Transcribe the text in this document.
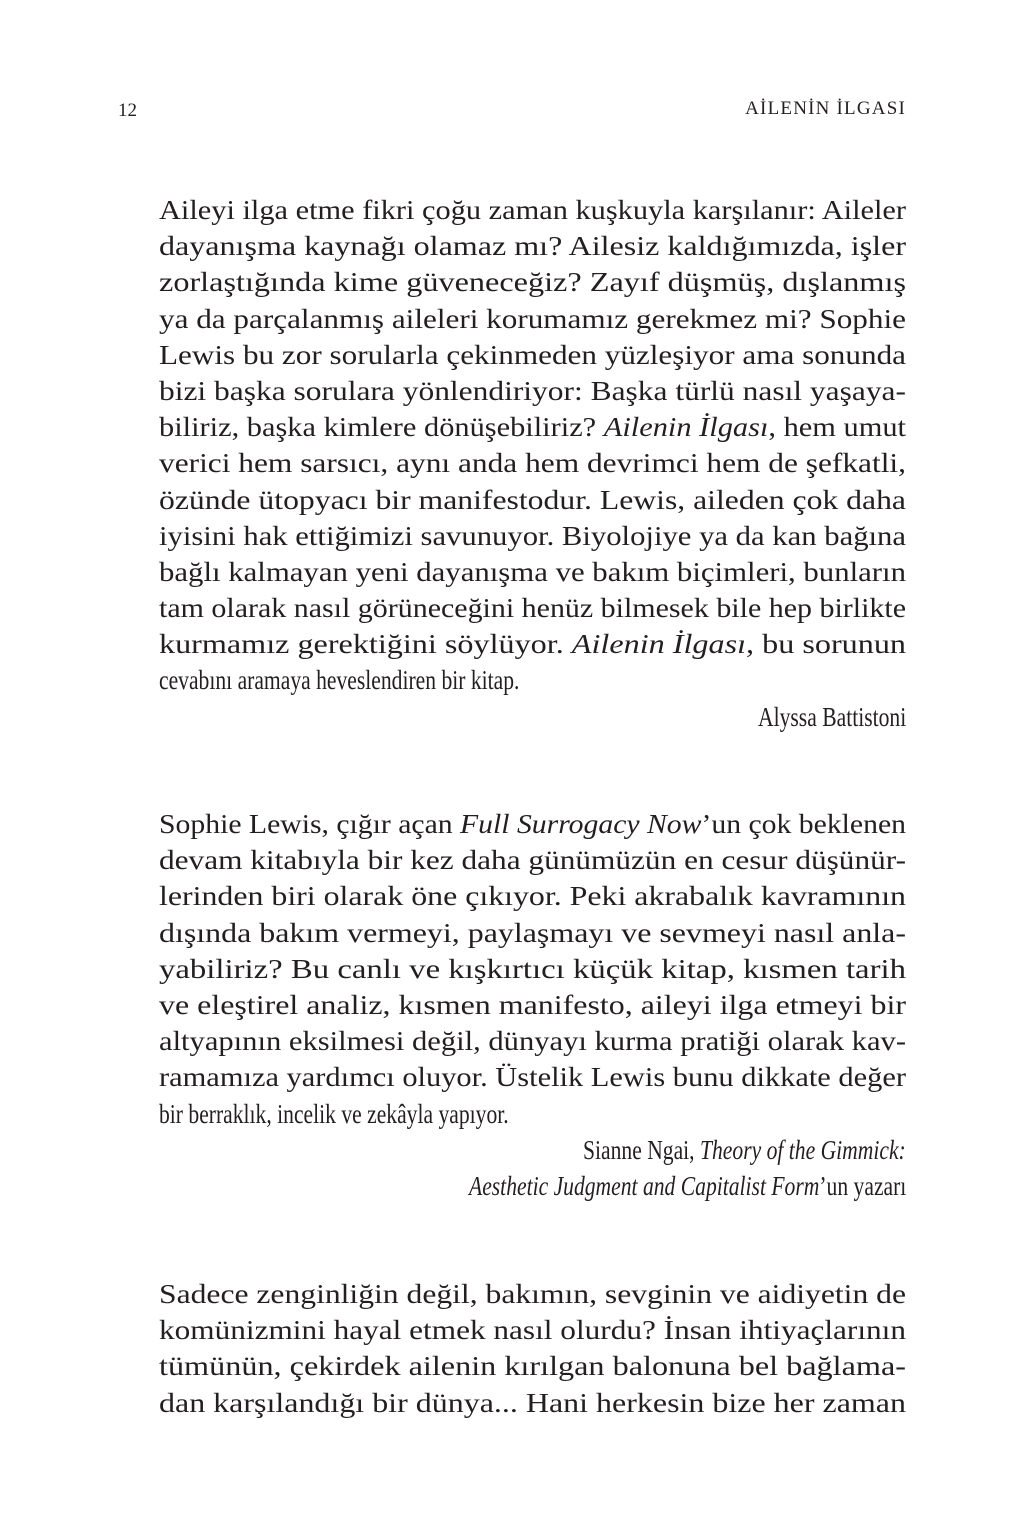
12	AİLENİN İLGASI
Aileyi ilga etme fikri çoğu zaman kuşkuyla karşılanır: Aileler
dayanışma kaynağı olamaz mı? Ailesiz kaldığımızda, işler
zorlaştığında kime güveneceğiz? Zayıf düşmüş, dışlanmış
ya da parçalanmış aileleri korumamız gerekmez mi? Sophie
Lewis bu zor sorularla çekinmeden yüzleşiyor ama sonunda
bizi başka sorulara yönlendiriyor: Başka türlü nasıl yaşaya-
biliriz, başka kimlere dönüşebiliriz? Ailenin İlgası, hem umut
verici hem sarsıcı, aynı anda hem devrimci hem de şefkatli,
özünde ütopyacı bir manifestodur. Lewis, aileden çok daha
iyisini hak ettiğimizi savunuyor. Biyolojiye ya da kan bağına
bağlı kalmayan yeni dayanışma ve bakım biçimleri, bunların
tam olarak nasıl görüneceğini henüz bilmesek bile hep birlikte
kurmamız gerektiğini söylüyor. Ailenin İlgası, bu sorunun
cevabını aramaya heveslendiren bir kitap.
Alyssa Battistoni
Sophie Lewis, çığır açan Full Surrogacy Now’un çok beklenen
devam kitabıyla bir kez daha günümüzün en cesur düşünür-
lerinden biri olarak öne çıkıyor. Peki akrabalık kavramının
dışında bakım vermeyi, paylaşmayı ve sevmeyi nasıl anla-
yabiliriz? Bu canlı ve kışkırtıcı küçük kitap, kısmen tarih
ve eleştirel analiz, kısmen manifesto, aileyi ilga etmeyi bir
altyapının eksilmesi değil, dünyayı kurma pratiği olarak kav-
ramamıza yardımcı oluyor. Üstelik Lewis bunu dikkate değer
bir berraklık, incelik ve zekâyla yapıyor.
Sianne Ngai, Theory of the Gimmick:
Aesthetic Judgment and Capitalist Form’un yazarı
Sadece zenginliğin değil, bakımın, sevginin ve aidiyetin de
komünizmini hayal etmek nasıl olurdu? İnsan ihtiyaçlarının
tümünün, çekirdek ailenin kırılgan balonuna bel bağlama-
dan karşılandığı bir dünya... Hani herkesin bize her zaman
